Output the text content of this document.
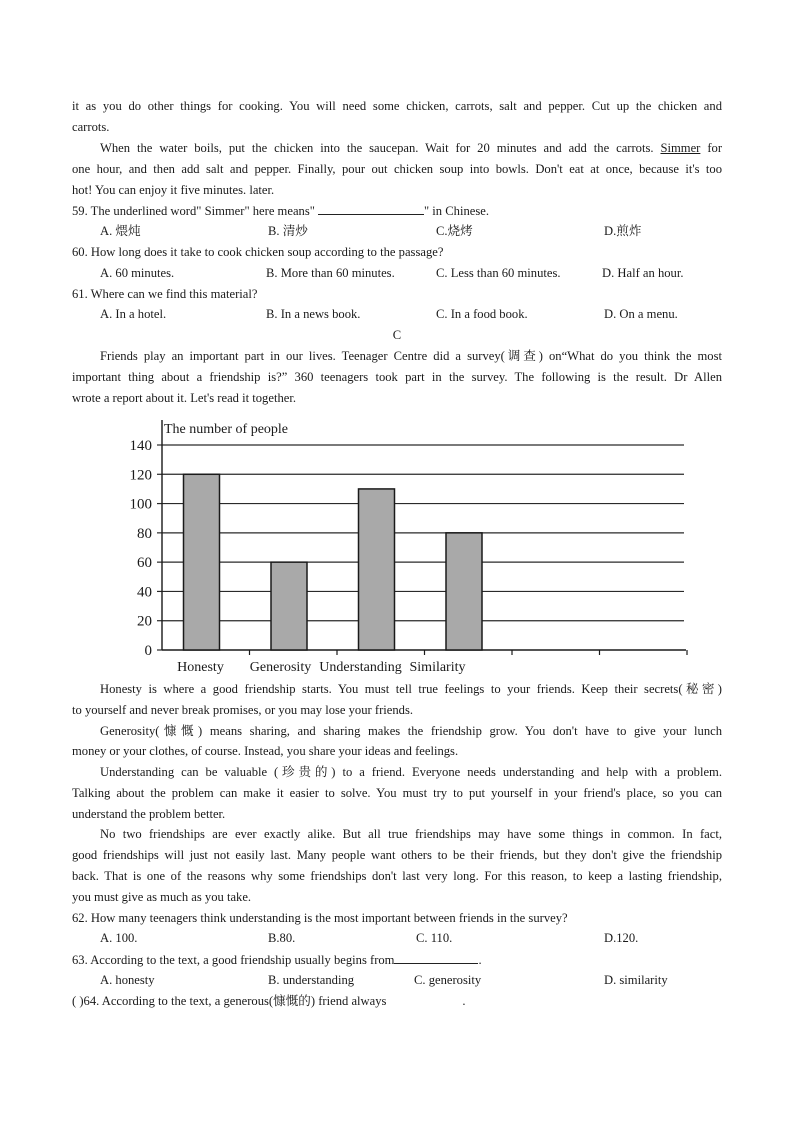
it as you do other things for cooking. You will need some chicken, carrots, salt and pepper. Cut up the chicken and
carrots.
When the water boils, put the chicken into the saucepan. Wait for 20 minutes and add the carrots. Simmer for
one hour, and then add salt and pepper. Finally, pour out chicken soup into bowls. Don't eat at once, because it's too
hot! You can enjoy it five minutes. later.
59. The underlined word" Simmer" here means"	" in Chinese.
A. 煨炖	B. 清炒	C.烧烤	D.煎炸
60. How long does it take to cook chicken soup according to the passage?
A. 60 minutes.	B. More than 60 minutes.	C. Less than 60 minutes.	D. Half an hour.
61. Where can we find this material?
A. In a hotel.	B. In a news book.	C. In a food book.	D. On a menu.
C
Friends play an important part in our lives. Teenager Centre did a survey(调查) on“What do you think the most
important thing about a friendship is?” 360 teenagers took part in the survey. The following is the result. Dr Allen
wrote a report about it. Let's read it together.
0
20
40
60
80
100
120
140
Honesty Generosity Understanding Similarity
The number of people
Honesty is where a good friendship starts. You must tell true feelings to your friends. Keep their secrets(秘密)
to yourself and never break promises, or you may lose your friends.
Generosity(慷慨) means sharing, and sharing makes the friendship grow. You don't have to give your lunch
money or your clothes, of course. Instead, you share your ideas and feelings.
Understanding can be valuable (珍贵的) to a friend. Everyone needs understanding and help with a problem.
Talking about the problem can make it easier to solve. You must try to put yourself in your friend's place, so you can
understand the problem better.
No two friendships are ever exactly alike. But all true friendships may have some things in common. In fact,
good friendships will just not easily last. Many people want others to be their friends, but they don't give the friendship
back. That is one of the reasons why some friendships don't last very long. For this reason, to keep a lasting friendship,
you must give as much as you take.
62. How many teenagers think understanding is the most important between friends in the survey?
A. 100.	B.80.	C. 110.	D.120.
63. According to the text, a good friendship usually begins from	.
A. honesty	B. understanding	C. generosity	D. similarity
( )64. According to the text, a generous(慷慨的) friend always	.
